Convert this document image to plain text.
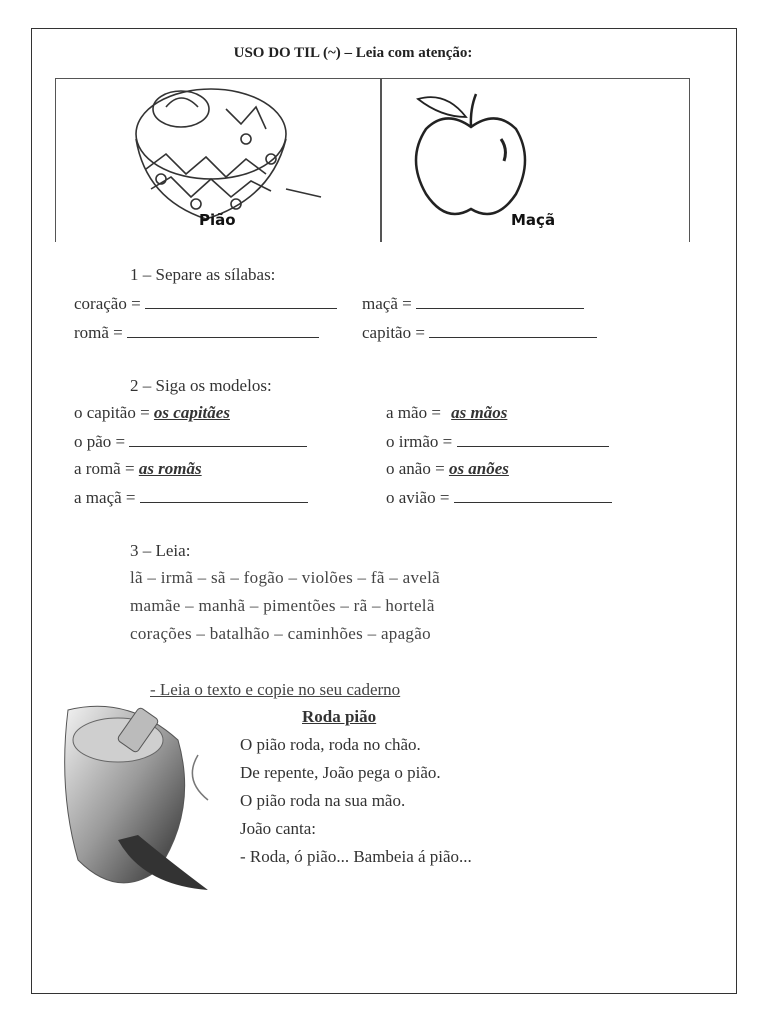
USO DO TIL (~) – Leia com atenção:
Pião	Maçã
1 – Separe as sílabas:
coração =	maçã =
romã =	capitão =
2 – Siga os modelos:
o capitão = os capitães	a mão = as mãos
o pão =	o irmão =
a romã = as romãs	o anão = os anões
a maçã =	o avião =
3 – Leia:
lã – irmã – sã – fogão – violões – fã – avelã
mamãe – manhã – pimentões – rã – hortelã
corações – batalhão – caminhões – apagão
- Leia o texto e copie no seu caderno
Roda pião
O pião roda, roda no chão.
De repente, João pega o pião.
O pião roda na sua mão.
João canta:
- Roda, ó pião... Bambeia á pião...
